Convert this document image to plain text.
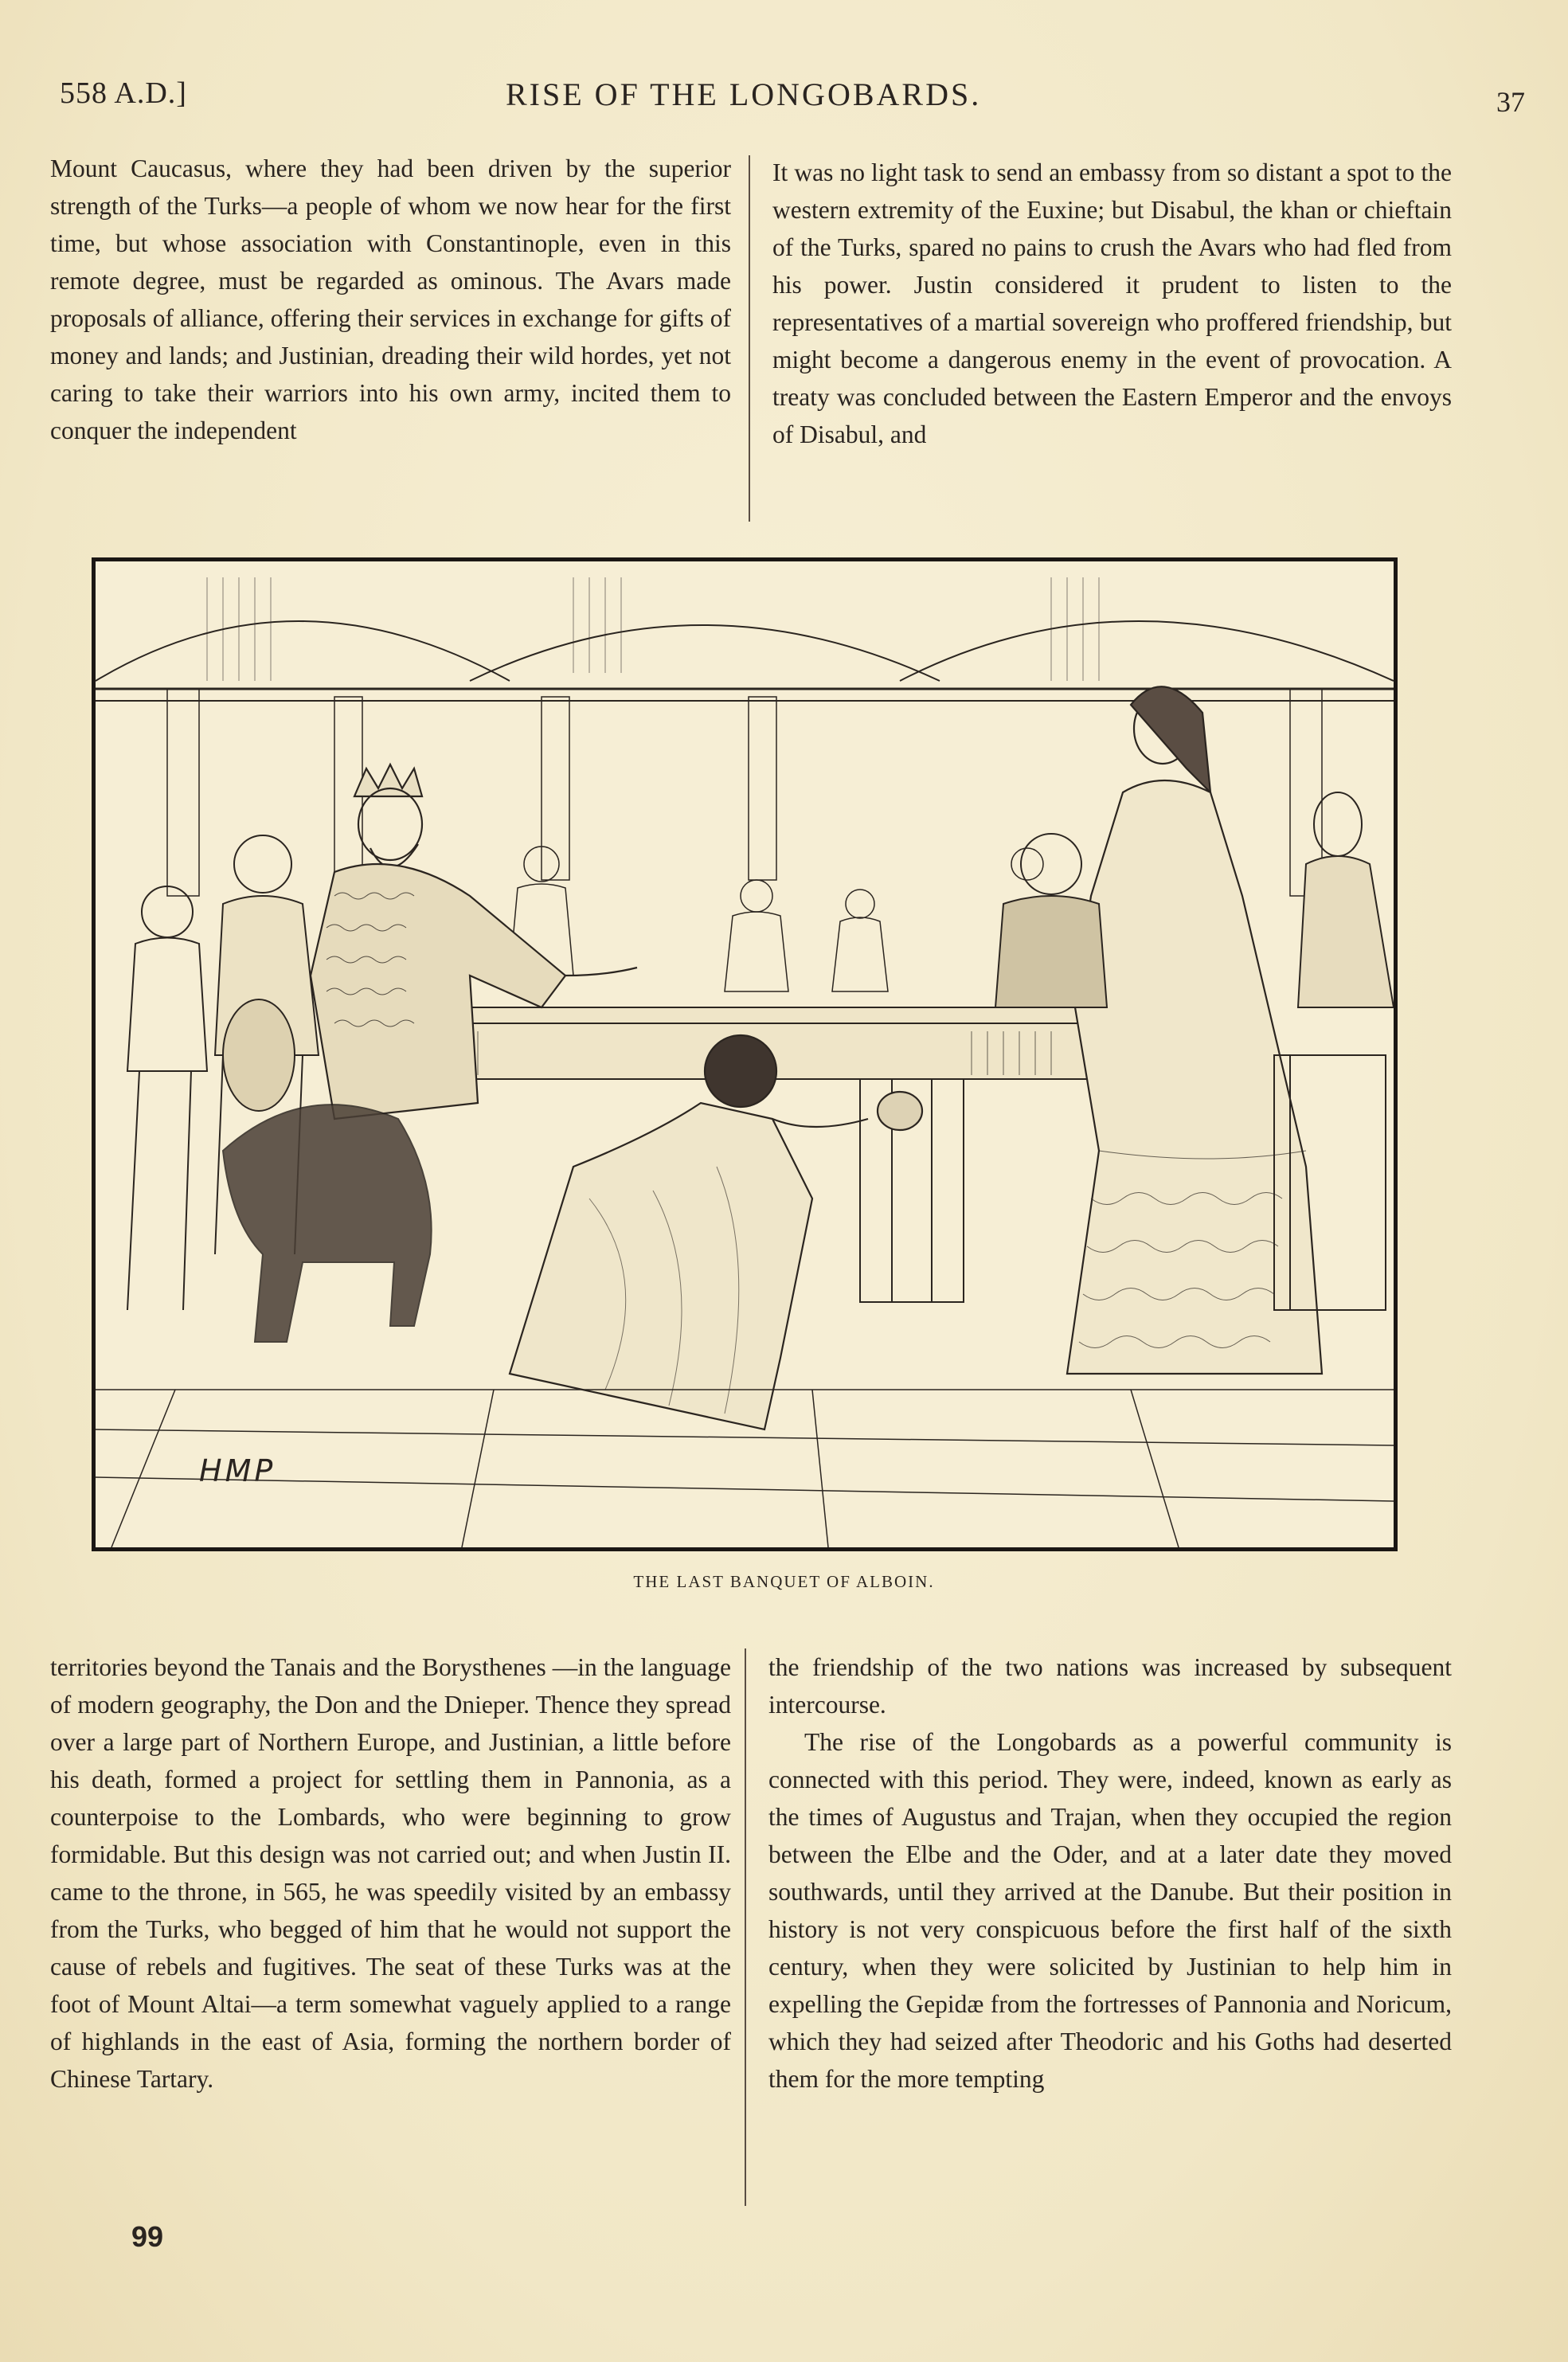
558 A.D.]	RISE OF THE LONGOBARDS.	37

Mount Caucasus, where they had been driven by the superior strength of the Turks—a people of whom we now hear for the first time, but whose association with Constantinople, even in this remote degree, must be regarded as ominous. The Avars made proposals of alliance, offering their services in exchange for gifts of money and lands; and Justinian, dreading their wild hordes, yet not caring to take their warriors into his own army, incited them to conquer the independent

It was no light task to send an embassy from so distant a spot to the western extremity of the Euxine; but Disabul, the khan or chieftain of the Turks, spared no pains to crush the Avars who had fled from his power. Justin considered it prudent to listen to the representatives of a martial sovereign who proffered friendship, but might become a dangerous enemy in the event of provocation. A treaty was concluded between the Eastern Emperor and the envoys of Disabul, and

HMP
THE LAST BANQUET OF ALBOIN.

territories beyond the Tanais and the Borysthenes —in the language of modern geography, the Don and the Dnieper. Thence they spread over a large part of Northern Europe, and Justinian, a little before his death, formed a project for settling them in Pannonia, as a counterpoise to the Lombards, who were beginning to grow formidable. But this design was not carried out; and when Justin II. came to the throne, in 565, he was speedily visited by an embassy from the Turks, who begged of him that he would not support the cause of rebels and fugitives. The seat of these Turks was at the foot of Mount Altai—a term somewhat vaguely applied to a range of highlands in the east of Asia, forming the northern border of Chinese Tartary.

the friendship of the two nations was increased by subsequent intercourse.

The rise of the Longobards as a powerful community is connected with this period. They were, indeed, known as early as the times of Augustus and Trajan, when they occupied the region between the Elbe and the Oder, and at a later date they moved southwards, until they arrived at the Danube. But their position in history is not very conspicuous before the first half of the sixth century, when they were solicited by Justinian to help him in expelling the Gepidæ from the fortresses of Pannonia and Noricum, which they had seized after Theodoric and his Goths had deserted them for the more tempting

99
